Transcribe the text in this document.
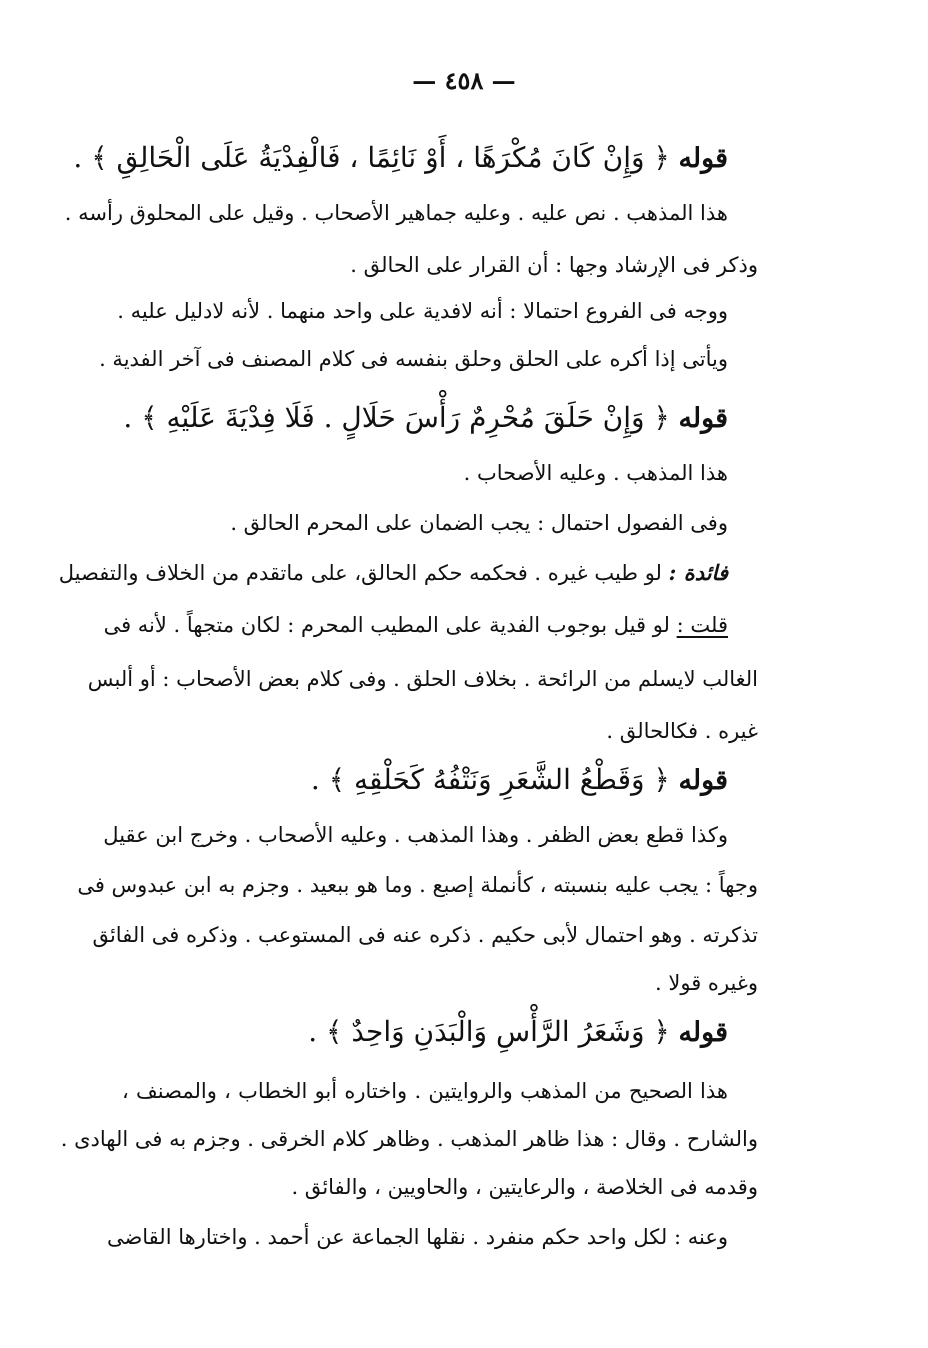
— ٤٥٨ —
قوله ﴿ وَإِنْ كَانَ مُكْرَهًا ، أَوْ نَائِمًا ، فَالْفِدْيَةُ عَلَى الْحَالِقِ ﴾ .
هذا المذهب . نص عليه . وعليه جماهير الأصحاب . وقيل على المحلوق رأسه .
وذكر فى الإرشاد وجها : أن القرار على الحالق .
ووجه فى الفروع احتمالا : أنه لافدية على واحد منهما . لأنه لادليل عليه .
ويأتى إذا أكره على الحلق وحلق بنفسه فى كلام المصنف فى آخر الفدية .
قوله ﴿ وَإِنْ حَلَقَ مُحْرِمٌ رَأْسَ حَلَالٍ . فَلَا فِدْيَةَ عَلَيْهِ ﴾ .
هذا المذهب . وعليه الأصحاب .
وفى الفصول احتمال : يجب الضمان على المحرم الحالق .
فائدة : لو طيب غيره . فحكمه حكم الحالق، على ماتقدم من الخلاف والتفصيل
قلت : لو قيل بوجوب الفدية على المطيب المحرم : لكان متجهاً . لأنه فى
الغالب لايسلم من الرائحة . بخلاف الحلق . وفى كلام بعض الأصحاب : أو ألبس
غيره . فكالحالق .
قوله ﴿ وَقَطْعُ الشَّعَرِ وَنَتْفُهُ كَحَلْقِهِ ﴾ .
وكذا قطع بعض الظفر . وهذا المذهب . وعليه الأصحاب . وخرج ابن عقيل
وجهاً : يجب عليه بنسبته ، كأنملة إصبع . وما هو ببعيد . وجزم به ابن عبدوس فى
تذكرته . وهو احتمال لأبى حكيم . ذكره عنه فى المستوعب . وذكره فى الفائق
وغيره قولا .
قوله ﴿ وَشَعَرُ الرَّأْسِ وَالْبَدَنِ وَاحِدٌ ﴾ .
هذا الصحيح من المذهب والروايتين . واختاره أبو الخطاب ، والمصنف ،
والشارح . وقال : هذا ظاهر المذهب . وظاهر كلام الخرقى . وجزم به فى الهادى .
وقدمه فى الخلاصة ، والرعايتين ، والحاويين ، والفائق .
وعنه : لكل واحد حكم منفرد . نقلها الجماعة عن أحمد . واختارها القاضى
